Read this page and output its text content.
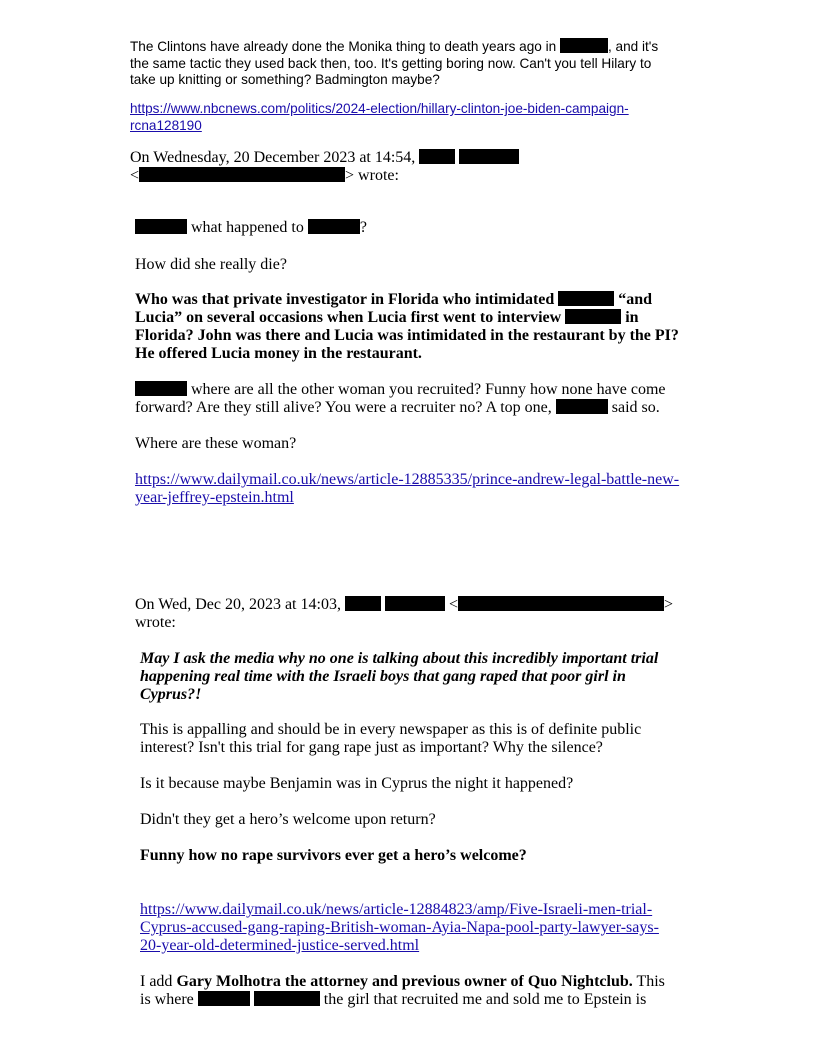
The Clintons have already done the Monika thing to death years ago in	, and it's

the same tactic they used back then, too. It's getting boring now. Can't you tell Hilary to

take up knitting or something? Badmington maybe?

https://www.nbcnews.com/politics/2024-election/hillary-clinton-joe-biden-campaign-

rcna128190

On Wednesday, 20 December 2023 at 14:54,

<	> wrote:

what happened to	?

How did she really die?

Who was that private investigator in Florida who intimidated	“and

Lucia” on several occasions when Lucia first went to interview	in

Florida? John was there and Lucia was intimidated in the restaurant by the PI?

He offered Lucia money in the restaurant.

where are all the other woman you recruited? Funny how none have come

forward? Are they still alive? You were a recruiter no? A top one,	said so.

Where are these woman?

https://www.dailymail.co.uk/news/article-12885335/prince-andrew-legal-battle-new-

year-jeffrey-epstein.html

On Wed, Dec 20, 2023 at 14:03,	<	>

wrote:

May I ask the media why no one is talking about this incredibly important trial

happening real time with the Israeli boys that gang raped that poor girl in

Cyprus?!

This is appalling and should be in every newspaper as this is of definite public

interest? Isn't this trial for gang rape just as important? Why the silence?

Is it because maybe Benjamin was in Cyprus the night it happened?
Didn't they get a hero’s welcome upon return?
Funny how no rape survivors ever get a hero’s welcome?

https://www.dailymail.co.uk/news/article-12884823/amp/Five-Israeli-men-trial-

Cyprus-accused-gang-raping-British-woman-Ayia-Napa-pool-party-lawyer-says-

20-year-old-determined-justice-served.html

I add Gary Molhotra the attorney and previous owner of Quo Nightclub. This

is where	the girl that recruited me and sold me to Epstein is
